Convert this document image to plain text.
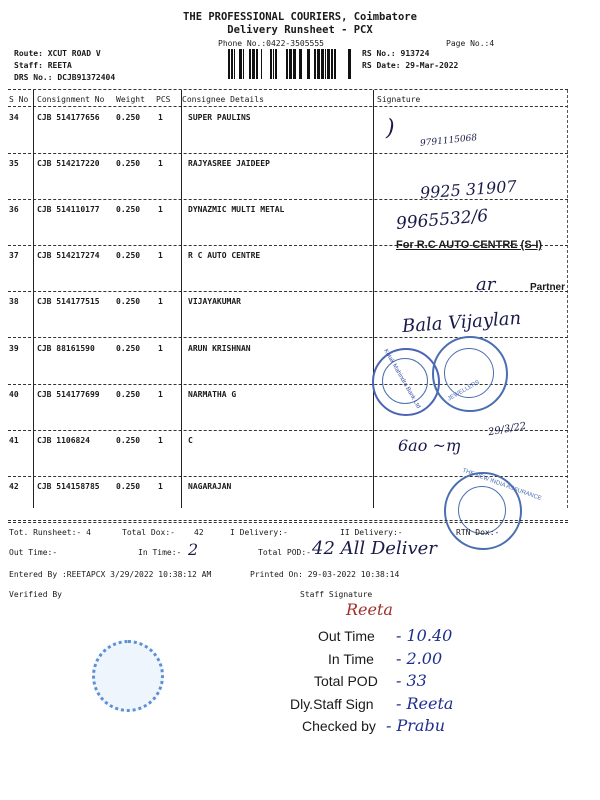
THE PROFESSIONAL COURIERS, Coimbatore
Delivery Runsheet - PCX
Phone No.:0422-3505555	Page No.:4
Route: XCUT ROAD V
Staff: REETA
DRS No.: DCJB91372404
RS No.: 913724
RS Date: 29-Mar-2022
S No Consignment No Weight PCS Consignee Details	Signature
34 CJB 514177656 0.250 1	SUPER PAULINS
35 CJB 514217220 0.250 1	RAJYASREE JAIDEEP
36 CJB 514110177 0.250 1	DYNAZMIC MULTI METAL
37 CJB 514217274 0.250 1	R C AUTO CENTRE
38 CJB 514177515 0.250 1	VIJAYAKUMAR
39 CJB 88161590	0.250 1	ARUN KRISHNAN
40 CJB 514177699 0.250 1	NARMATHA G
41 CJB 1106824	0.250 1	C
42 CJB 514158785 0.250 1	NAGARAJAN
9791115068
)
9925 31907
9965532/6
For R.C AUTO CENTRE (S-I)
ar	Partner
Bala Vijaylan
29/3/22
6ao ~ɱ
Kotak Mahindra Bank Ltd	JEWELLERS
THE NEW INDIA ASSURANCE
Tot. Runsheet:- 4	Total Dox:- 42	I Delivery:-	II Delivery:-	RTN Dox:-
Out Time:-	In Time:- 2	Total POD:- 42 All Deliver
Entered By :REETAPCX 3/29/2022 10:38:12 AM	Printed On: 29-03-2022 10:38:14
Verified By	Staff Signature
Reeta
Out Time - 10.40
In Time - 2.00
Total POD - 33
Dly.Staff Sign - Reeta
Checked by - Prabu
